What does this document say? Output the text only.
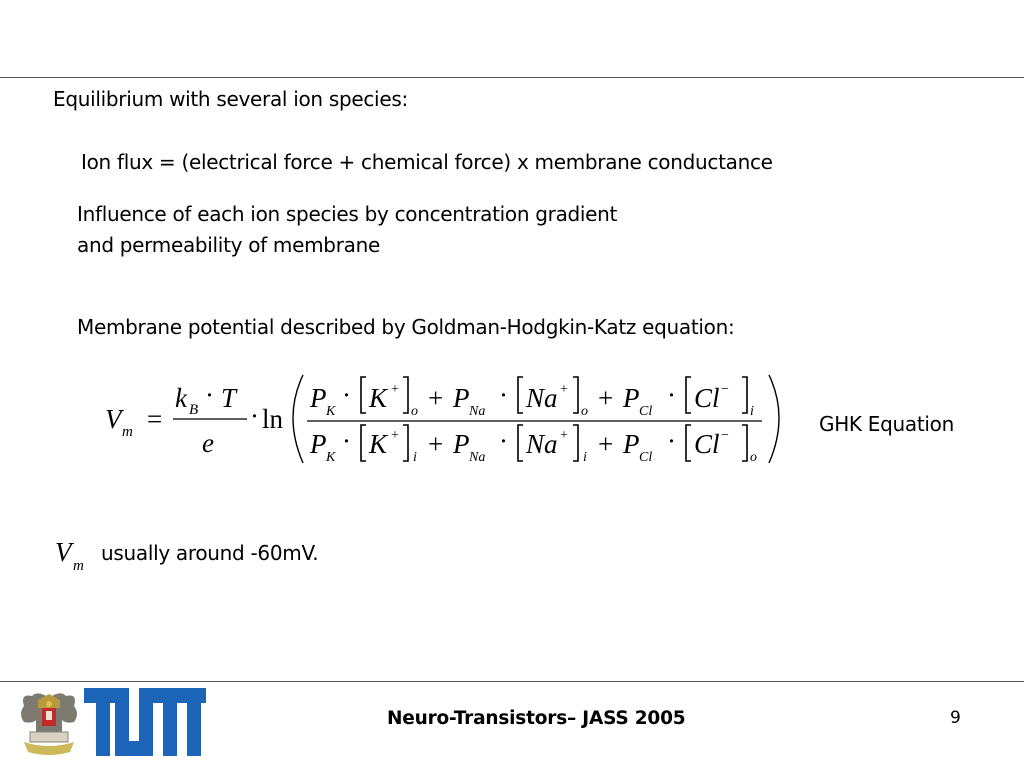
Equilibrium with several ion species:
Ion flux = (electrical force + chemical force) x membrane conductance
Influence of each ion species by concentration gradient
and permeability of membrane
Membrane potential described by Goldman-Hodgkin-Katz equation:
V m =
k B · T
e
· ln
P K
· K +
o + P Na
· Na +
o + P Cl
· Cl −
i
P K
· K +
i + P Na
· Na +
i + P Cl
· Cl −
o
GHK Equation
V m
usually around -60mV.
Neuro-Transistors– JASS 2005	9
